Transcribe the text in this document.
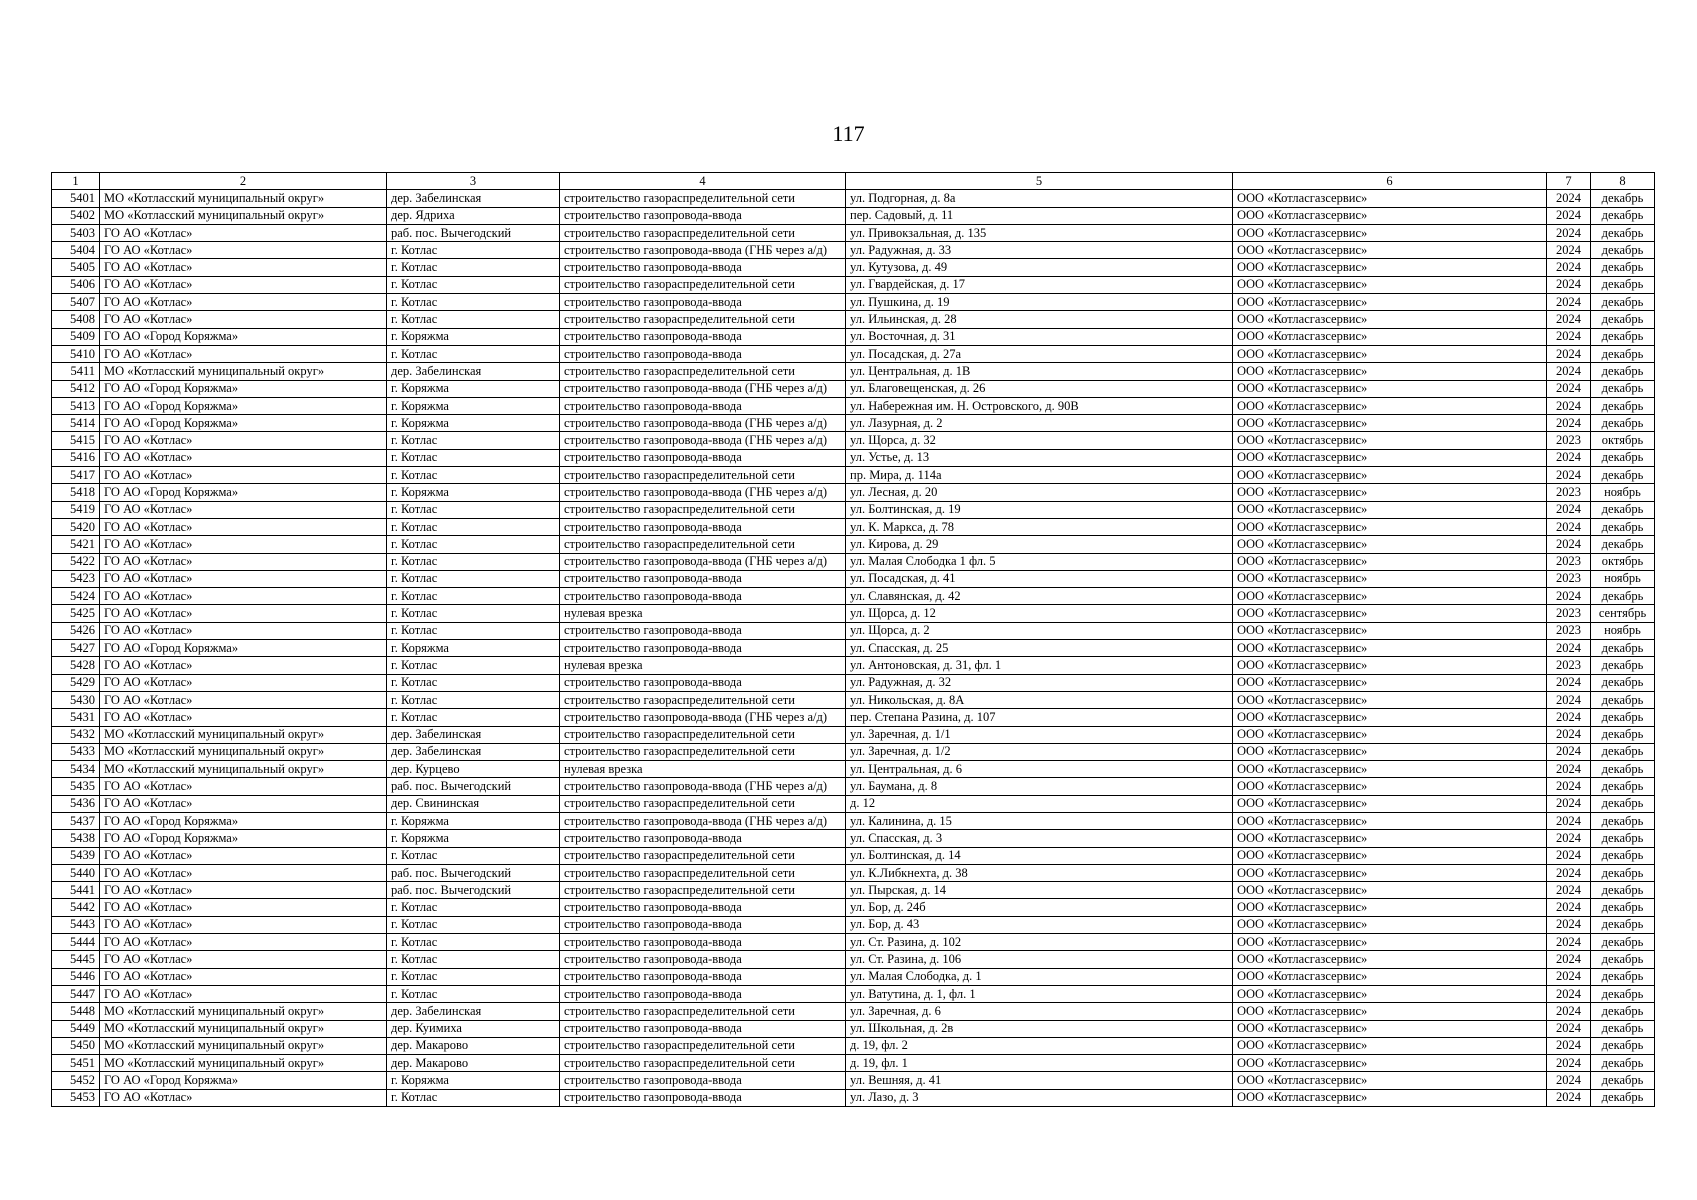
117
1	2	3	4	5	6	7	8
5401	МО «Котласский муниципальный округ»	дер. Забелинская	строительство газораспределительной сети	ул. Подгорная, д. 8а	ООО «Котласгазсервис»	2024	декабрь
5402	МО «Котласский муниципальный округ»	дер. Ядриха	строительство газопровода-ввода	пер. Садовый, д. 11	ООО «Котласгазсервис»	2024	декабрь
5403	ГО АО «Котлас»	раб. пос. Вычегодский	строительство газораспределительной сети	ул. Привокзальная, д. 135	ООО «Котласгазсервис»	2024	декабрь
5404	ГО АО «Котлас»	г. Котлас	строительство газопровода-ввода (ГНБ через а/д)	ул. Радужная, д. 33	ООО «Котласгазсервис»	2024	декабрь
5405	ГО АО «Котлас»	г. Котлас	строительство газопровода-ввода	ул. Кутузова, д. 49	ООО «Котласгазсервис»	2024	декабрь
5406	ГО АО «Котлас»	г. Котлас	строительство газораспределительной сети	ул. Гвардейская, д. 17	ООО «Котласгазсервис»	2024	декабрь
5407	ГО АО «Котлас»	г. Котлас	строительство газопровода-ввода	ул. Пушкина, д. 19	ООО «Котласгазсервис»	2024	декабрь
5408	ГО АО «Котлас»	г. Котлас	строительство газораспределительной сети	ул. Ильинская, д. 28	ООО «Котласгазсервис»	2024	декабрь
5409	ГО АО «Город Коряжма»	г. Коряжма	строительство газопровода-ввода	ул. Восточная, д. 31	ООО «Котласгазсервис»	2024	декабрь
5410	ГО АО «Котлас»	г. Котлас	строительство газопровода-ввода	ул. Посадская, д. 27а	ООО «Котласгазсервис»	2024	декабрь
5411	МО «Котласский муниципальный округ»	дер. Забелинская	строительство газораспределительной сети	ул. Центральная, д. 1В	ООО «Котласгазсервис»	2024	декабрь
5412	ГО АО «Город Коряжма»	г. Коряжма	строительство газопровода-ввода (ГНБ через а/д)	ул. Благовещенская, д. 26	ООО «Котласгазсервис»	2024	декабрь
5413	ГО АО «Город Коряжма»	г. Коряжма	строительство газопровода-ввода	ул. Набережная им. Н. Островского, д. 90В	ООО «Котласгазсервис»	2024	декабрь
5414	ГО АО «Город Коряжма»	г. Коряжма	строительство газопровода-ввода (ГНБ через а/д)	ул. Лазурная, д. 2	ООО «Котласгазсервис»	2024	декабрь
5415	ГО АО «Котлас»	г. Котлас	строительство газопровода-ввода (ГНБ через а/д)	ул. Щорса, д. 32	ООО «Котласгазсервис»	2023	октябрь
5416	ГО АО «Котлас»	г. Котлас	строительство газопровода-ввода	ул. Устье, д. 13	ООО «Котласгазсервис»	2024	декабрь
5417	ГО АО «Котлас»	г. Котлас	строительство газораспределительной сети	пр. Мира, д. 114а	ООО «Котласгазсервис»	2024	декабрь
5418	ГО АО «Город Коряжма»	г. Коряжма	строительство газопровода-ввода (ГНБ через а/д)	ул. Лесная, д. 20	ООО «Котласгазсервис»	2023	ноябрь
5419	ГО АО «Котлас»	г. Котлас	строительство газораспределительной сети	ул. Болтинская, д. 19	ООО «Котласгазсервис»	2024	декабрь
5420	ГО АО «Котлас»	г. Котлас	строительство газопровода-ввода	ул. К. Маркса, д. 78	ООО «Котласгазсервис»	2024	декабрь
5421	ГО АО «Котлас»	г. Котлас	строительство газораспределительной сети	ул. Кирова, д. 29	ООО «Котласгазсервис»	2024	декабрь
5422	ГО АО «Котлас»	г. Котлас	строительство газопровода-ввода (ГНБ через а/д)	ул. Малая Слободка 1 фл. 5	ООО «Котласгазсервис»	2023	октябрь
5423	ГО АО «Котлас»	г. Котлас	строительство газопровода-ввода	ул. Посадская, д. 41	ООО «Котласгазсервис»	2023	ноябрь
5424	ГО АО «Котлас»	г. Котлас	строительство газопровода-ввода	ул. Славянская, д. 42	ООО «Котласгазсервис»	2024	декабрь
5425	ГО АО «Котлас»	г. Котлас	нулевая врезка	ул. Щорса, д. 12	ООО «Котласгазсервис»	2023	сентябрь
5426	ГО АО «Котлас»	г. Котлас	строительство газопровода-ввода	ул. Щорса, д. 2	ООО «Котласгазсервис»	2023	ноябрь
5427	ГО АО «Город Коряжма»	г. Коряжма	строительство газопровода-ввода	ул. Спасская, д. 25	ООО «Котласгазсервис»	2024	декабрь
5428	ГО АО «Котлас»	г. Котлас	нулевая врезка	ул. Антоновская, д. 31, фл. 1	ООО «Котласгазсервис»	2023	декабрь
5429	ГО АО «Котлас»	г. Котлас	строительство газопровода-ввода	ул. Радужная, д. 32	ООО «Котласгазсервис»	2024	декабрь
5430	ГО АО «Котлас»	г. Котлас	строительство газораспределительной сети	ул. Никольская, д. 8А	ООО «Котласгазсервис»	2024	декабрь
5431	ГО АО «Котлас»	г. Котлас	строительство газопровода-ввода (ГНБ через а/д)	пер. Степана Разина, д. 107	ООО «Котласгазсервис»	2024	декабрь
5432	МО «Котласский муниципальный округ»	дер. Забелинская	строительство газораспределительной сети	ул. Заречная, д. 1/1	ООО «Котласгазсервис»	2024	декабрь
5433	МО «Котласский муниципальный округ»	дер. Забелинская	строительство газораспределительной сети	ул. Заречная, д. 1/2	ООО «Котласгазсервис»	2024	декабрь
5434	МО «Котласский муниципальный округ»	дер. Курцево	нулевая врезка	ул. Центральная, д. 6	ООО «Котласгазсервис»	2024	декабрь
5435	ГО АО «Котлас»	раб. пос. Вычегодский	строительство газопровода-ввода (ГНБ через а/д)	ул. Баумана, д. 8	ООО «Котласгазсервис»	2024	декабрь
5436	ГО АО «Котлас»	дер. Свининская	строительство газораспределительной сети	д. 12	ООО «Котласгазсервис»	2024	декабрь
5437	ГО АО «Город Коряжма»	г. Коряжма	строительство газопровода-ввода (ГНБ через а/д)	ул. Калинина, д. 15	ООО «Котласгазсервис»	2024	декабрь
5438	ГО АО «Город Коряжма»	г. Коряжма	строительство газопровода-ввода	ул. Спасская, д. 3	ООО «Котласгазсервис»	2024	декабрь
5439	ГО АО «Котлас»	г. Котлас	строительство газораспределительной сети	ул. Болтинская, д. 14	ООО «Котласгазсервис»	2024	декабрь
5440	ГО АО «Котлас»	раб. пос. Вычегодский	строительство газораспределительной сети	ул. К.Либкнехта, д. 38	ООО «Котласгазсервис»	2024	декабрь
5441	ГО АО «Котлас»	раб. пос. Вычегодский	строительство газораспределительной сети	ул. Пырская, д. 14	ООО «Котласгазсервис»	2024	декабрь
5442	ГО АО «Котлас»	г. Котлас	строительство газопровода-ввода	ул. Бор, д. 24б	ООО «Котласгазсервис»	2024	декабрь
5443	ГО АО «Котлас»	г. Котлас	строительство газопровода-ввода	ул. Бор, д. 43	ООО «Котласгазсервис»	2024	декабрь
5444	ГО АО «Котлас»	г. Котлас	строительство газопровода-ввода	ул. Ст. Разина, д. 102	ООО «Котласгазсервис»	2024	декабрь
5445	ГО АО «Котлас»	г. Котлас	строительство газопровода-ввода	ул. Ст. Разина, д. 106	ООО «Котласгазсервис»	2024	декабрь
5446	ГО АО «Котлас»	г. Котлас	строительство газопровода-ввода	ул. Малая Слободка, д. 1	ООО «Котласгазсервис»	2024	декабрь
5447	ГО АО «Котлас»	г. Котлас	строительство газопровода-ввода	ул. Ватутина, д. 1, фл. 1	ООО «Котласгазсервис»	2024	декабрь
5448	МО «Котласский муниципальный округ»	дер. Забелинская	строительство газораспределительной сети	ул. Заречная, д. 6	ООО «Котласгазсервис»	2024	декабрь
5449	МО «Котласский муниципальный округ»	дер. Куимиха	строительство газопровода-ввода	ул. Школьная, д. 2в	ООО «Котласгазсервис»	2024	декабрь
5450	МО «Котласский муниципальный округ»	дер. Макарово	строительство газораспределительной сети	д. 19, фл. 2	ООО «Котласгазсервис»	2024	декабрь
5451	МО «Котласский муниципальный округ»	дер. Макарово	строительство газораспределительной сети	д. 19, фл. 1	ООО «Котласгазсервис»	2024	декабрь
5452	ГО АО «Город Коряжма»	г. Коряжма	строительство газопровода-ввода	ул. Вешняя, д. 41	ООО «Котласгазсервис»	2024	декабрь
5453	ГО АО «Котлас»	г. Котлас	строительство газопровода-ввода	ул. Лазо, д. 3	ООО «Котласгазсервис»	2024	декабрь
